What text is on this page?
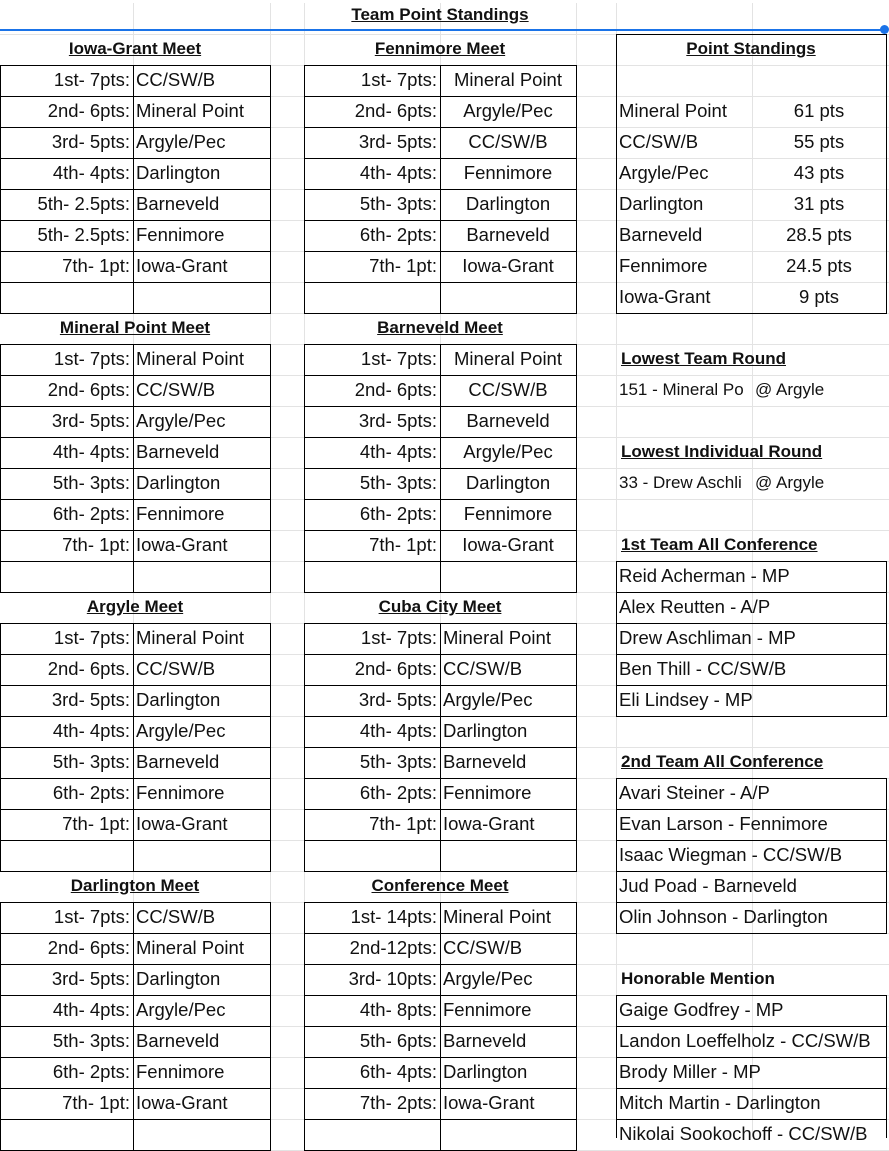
Iowa-Grant Meet
1st- 7pts: CC/SW/B
2nd- 6pts: Mineral Point
3rd- 5pts: Argyle/Pec
4th- 4pts: Darlington
5th- 2.5pts: Barneveld
5th- 2.5pts: Fennimore
7th- 1pt: Iowa-Grant
Fennimore Meet
1st- 7pts: Mineral Point
2nd- 6pts:	Argyle/Pec
3rd- 5pts:	CC/SW/B
4th- 4pts:	Fennimore
5th- 3pts:	Darlington
6th- 2pts:	Barneveld
7th- 1pt:	Iowa-Grant
Mineral Point Meet
1st- 7pts: Mineral Point
2nd- 6pts: CC/SW/B
3rd- 5pts: Argyle/Pec
4th- 4pts: Barneveld
5th- 3pts: Darlington
6th- 2pts: Fennimore
7th- 1pt: Iowa-Grant
Barneveld Meet
1st- 7pts: Mineral Point
2nd- 6pts:	CC/SW/B
3rd- 5pts:	Barneveld
4th- 4pts:	Argyle/Pec
5th- 3pts:	Darlington
6th- 2pts:	Fennimore
7th- 1pt:	Iowa-Grant
Argyle Meet
1st- 7pts: Mineral Point
2nd- 6pts. CC/SW/B
3rd- 5pts: Darlington
4th- 4pts: Argyle/Pec
5th- 3pts: Barneveld
6th- 2pts: Fennimore
7th- 1pt: Iowa-Grant
Cuba City Meet
1st- 7pts: Mineral Point
2nd- 6pts: CC/SW/B
3rd- 5pts: Argyle/Pec
4th- 4pts: Darlington
5th- 3pts: Barneveld
6th- 2pts: Fennimore
7th- 1pt: Iowa-Grant
Darlington Meet
1st- 7pts: CC/SW/B
2nd- 6pts: Mineral Point
3rd- 5pts: Darlington
4th- 4pts: Argyle/Pec
5th- 3pts: Barneveld
6th- 2pts: Fennimore
7th- 1pt: Iowa-Grant
Conference Meet
1st- 14pts: Mineral Point
2nd-12pts: CC/SW/B
3rd- 10pts: Argyle/Pec
4th- 8pts: Fennimore
5th- 6pts: Barneveld
6th- 4pts: Darlington
7th- 2pts: Iowa-Grant
Point Standings
Mineral Point	61 pts
CC/SW/B	55 pts
Argyle/Pec	43 pts
Darlington	31 pts
Barneveld	28.5 pts
Fennimore	24.5 pts
Iowa-Grant	9 pts
Lowest Team Round
151 - Mineral Po @ Argyle
Lowest Individual Round
33 - Drew Aschli @ Argyle
1st Team All Conference
Reid Acherman - MP
Alex Reutten - A/P
Drew Aschliman - MP
Ben Thill - CC/SW/B
Eli Lindsey - MP
2nd Team All Conference
Avari Steiner - A/P
Evan Larson - Fennimore
Isaac Wiegman - CC/SW/B
Jud Poad - Barneveld
Olin Johnson - Darlington
Honorable Mention
Gaige Godfrey - MP
Landon Loeffelholz - CC/SW/B
Brody Miller - MP
Mitch Martin - Darlington
Nikolai Sookochoff - CC/SW/B
Team Point Standings
